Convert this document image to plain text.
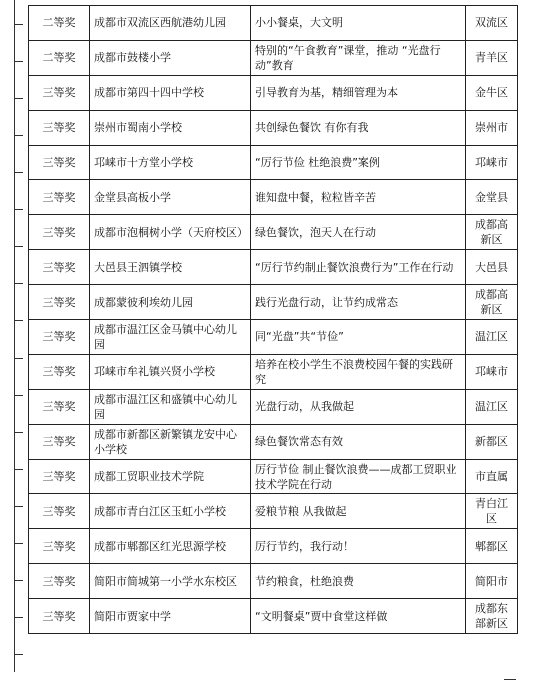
二等奖	成都市双流区西航港幼儿园	小小餐桌，大文明	双流区
二等奖	成都市鼓楼小学	特别的“午食教育”课堂，推动 “光盘行动”教育	青羊区
三等奖	成都市第四十四中学校	引导教育为基，精细管理为本	金牛区
三等奖	崇州市蜀南小学校	共创绿色餐饮 有你有我	崇州市
三等奖	邛崃市十方堂小学校	“厉行节俭 杜绝浪费”案例	邛崃市
三等奖	金堂县高板小学	谁知盘中餐，粒粒皆辛苦	金堂县
三等奖	成都市泡桐树小学（天府校区）	绿色餐饮，泡天人在行动	成都高新区
三等奖	大邑县王泗镇学校	“厉行节约制止餐饮浪费行为”工作在行动	大邑县
三等奖	成都蒙彼利埃幼儿园	践行光盘行动，让节约成常态	成都高新区
三等奖	成都市温江区金马镇中心幼儿园	同“光盘”共“节俭”	温江区
三等奖	邛崃市牟礼镇兴贤小学校	培养在校小学生不浪费校园午餐的实践研究	邛崃市
三等奖	成都市温江区和盛镇中心幼儿园	光盘行动，从我做起	温江区
三等奖	成都市新都区新繁镇龙安中心小学校	绿色餐饮常态有效	新都区
三等奖	成都工贸职业技术学院	厉行节俭 制止餐饮浪费——成都工贸职业技术学院在行动	市直属
三等奖	成都市青白江区玉虹小学校	爱粮节粮 从我做起	青白江区
三等奖	成都市郫都区红光思源学校	厉行节约，我行动！	郫都区
三等奖	简阳市简城第一小学水东校区	节约粮食，杜绝浪费	简阳市
三等奖	简阳市贾家中学	“文明餐桌”贾中食堂这样做	成都东部新区
